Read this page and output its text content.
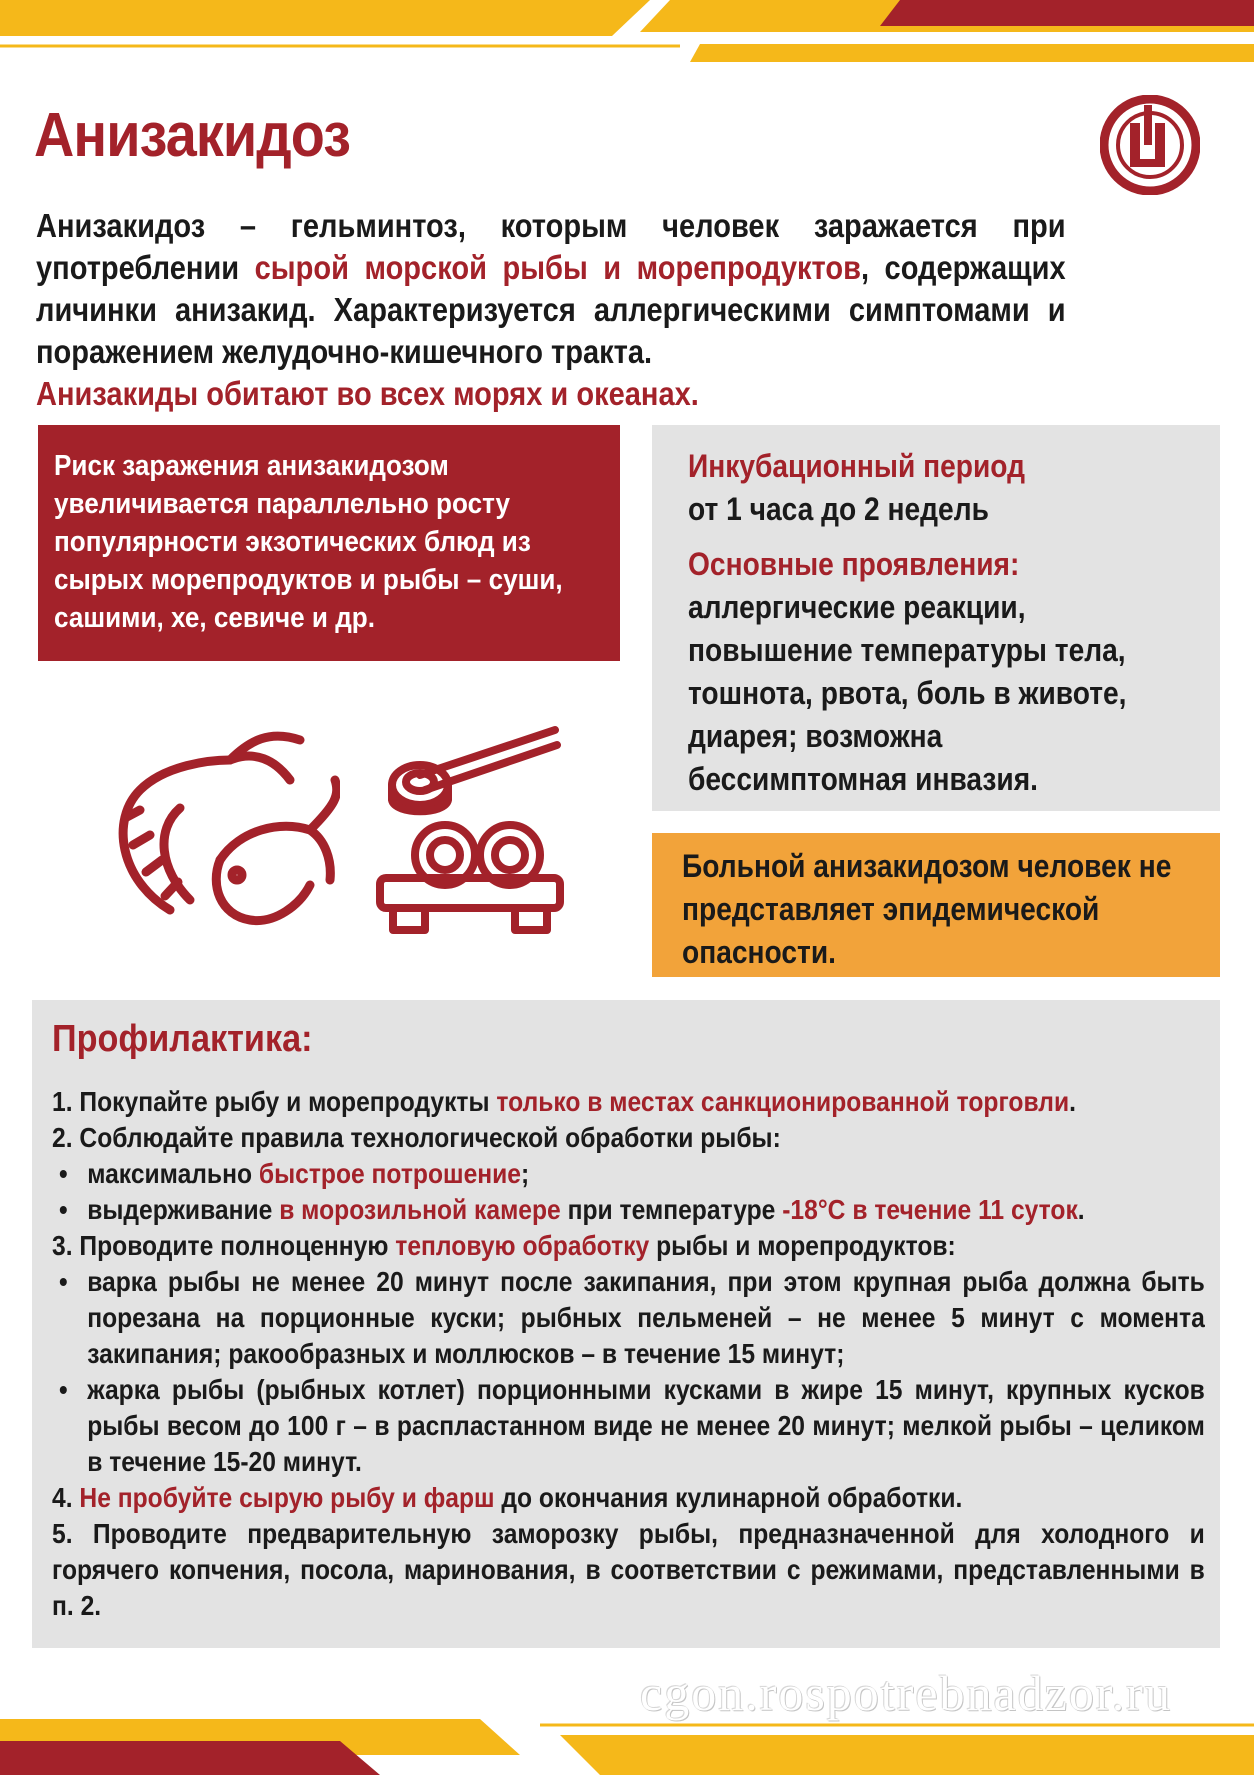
Анизакидоз

Анизакидоз – гельминтоз, которым человек заражается при употреблении сырой морской рыбы и морепродуктов, содержащих личинки анизакид. Характеризуется аллергическими симптомами и поражением желудочно-кишечного тракта.

Анизакиды обитают во всех морях и океанах.

Риск заражения анизакидозом увеличивается параллельно росту популярности экзотических блюд из сырых морепродуктов и рыбы – суши, сашими, хе, севиче и др.
Инкубационный период
от 1 часа до 2 недель
Основные проявления:
аллергические реакции, повышение температуры тела, тошнота, рвота, боль в животе, диарея; возможна бессимптомная инвазия.
Больной анизакидозом человек не представляет эпидемической опасности.
Профилактика:

1. Покупайте рыбу и морепродукты только в местах санкционированной торговли.

2. Соблюдайте правила технологической обработки рыбы:

• максимально быстрое потрошение;

• выдерживание в морозильной камере при температуре -18°С в течение 11 суток.

3. Проводите полноценную тепловую обработку рыбы и морепродуктов:

• варка рыбы не менее 20 минут после закипания, при этом крупная рыба должна быть порезана на порционные куски; рыбных пельменей – не менее 5 минут с момента закипания; ракообразных и моллюсков – в течение 15 минут;

• жарка рыбы (рыбных котлет) порционными кусками в жире 15 минут, крупных кусков рыбы весом до 100 г – в распластанном виде не менее 20 минут; мелкой рыбы – целиком в течение 15-20 минут.

4. Не пробуйте сырую рыбу и фарш до окончания кулинарной обработки.

5. Проводите предварительную заморозку рыбы, предназначенной для холодного и горячего копчения, посола, маринования, в соответствии с режимами, представленными в п. 2.

cgon.rospotrebnadzor.ru
